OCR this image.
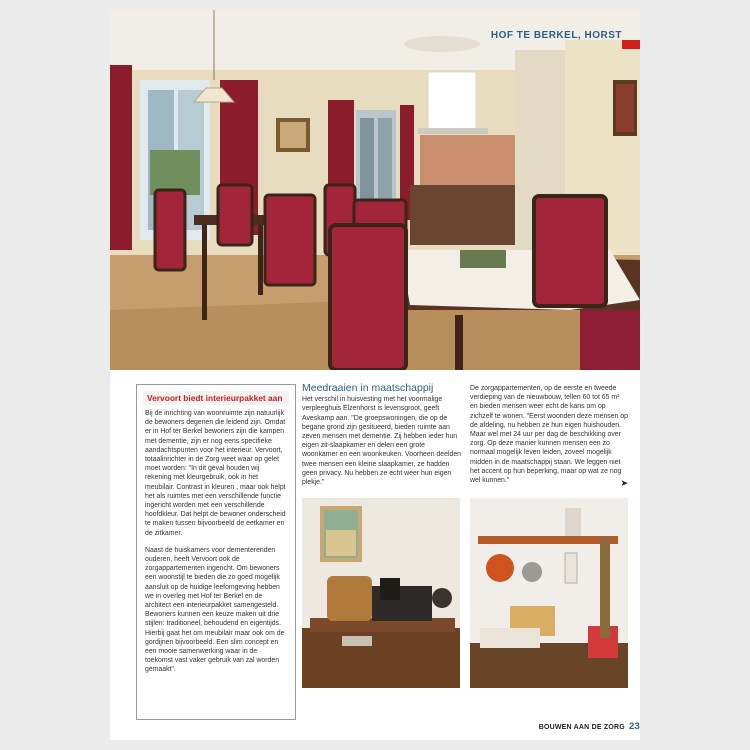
HOF TE BERKEL, HORST
Vervoort biedt interieurpakket aan

Bij de inrichting van woonruimte zijn natuurlijk de bewoners degenen die leidend zijn. Omdat er in Hof ter Berkel bewoners zijn die kampen met dementie, zijn er nog eens specifieke aandachtspunten voor het interieur. Vervoort, totaalinrichter in de Zorg weet waar op gelet moet worden: "In dit geval houden wij rekening met kleurgebruik, ook in het meubilair. Contrast in kleuren , maar ook helpt het als ruimtes met een verschillende functie ingericht worden met een verschillende hoofdkleur. Dat helpt de bewoner onderscheid te maken tussen bijvoorbeeld de eetkamer en de zitkamer.

Naast de huiskamers voor dementerenden ouderen, heeft Vervoort ook de zorgappartementen ingericht. Om bewoners een woonstijl te bieden die zo goed mogelijk aansluit op de huidige leefomgeving hebben we in overleg met Hof ter Berkel en de architect een interieurpakket samengesteld. Bewoners kunnen een keuze maken uit drie stijlen: traditioneel, behoudend en eigentijds. Hierbij gaat het om meubilair maar ook om de gordijnen bijvoorbeeld. Een slim concept en een mooie samenwerking waar in de toekomst vast vaker gebruik van zal worden gemaakt".

Meedraaien in maatschappij

Het verschil in huisvesting met het voormalige verpleeghuis Elzenhorst is levensgroot, geeft Aveskamp aan. "De groepswoningen, die op de begane grond zijn gesitueerd, bieden ruimte aan zeven mensen met dementie. Zij hebben ieder hun eigen zit-slaapkamer en delen een grote woonkamer en een woonkeuken. Voorheen deelden twee mensen een kleine slaapkamer, ze hadden geen privacy. Nu hebben ze echt weer hun eigen plekje."

De zorgappartementen, op de eerste en tweede verdieping van de nieuwbouw, tellen 60 tot 65 m² en bieden mensen weer echt de kans om op zichzelf te wonen. "Eerst woonden deze mensen op de afdeling, nu hebben ze hun eigen huishouden. Maar wel met 24 uur per dag de beschikking over zorg. Op deze manier kunnen mensen een zo normaal mogelijk leven leiden, zoveel mogelijk midden in de maatschappij staan. We leggen niet het accent op hun beperking, maar op wat ze nog wel kunnen."	➤
BOUWEN AAN DE ZORG 23
